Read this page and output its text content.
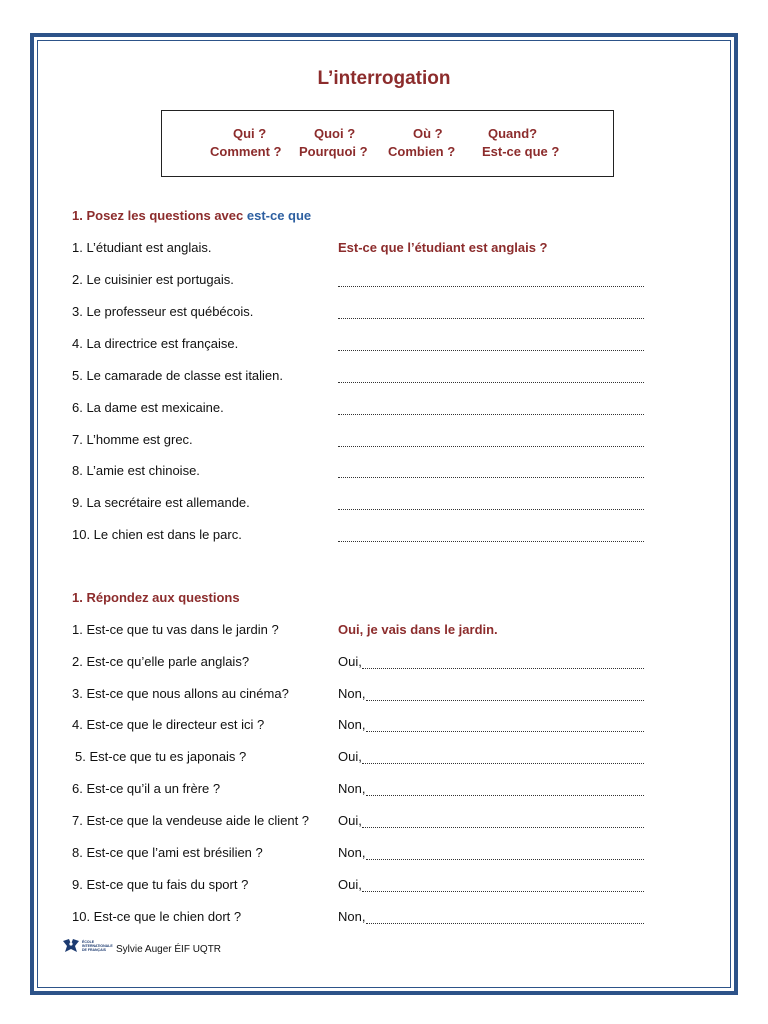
L’interrogation
Qui ?	Quoi ?	Où ?	Quand?
Comment ? Pourquoi ? Combien ? Est-ce que ?
1. Posez les questions avec est-ce que
1. L’étudiant est anglais.	Est-ce que l’étudiant est anglais ?
2. Le cuisinier est portugais.
3. Le professeur est québécois.
4. La directrice est française.
5. Le camarade de classe est italien.
6. La dame est mexicaine.
7. L’homme est grec.
8. L’amie est chinoise.
9. La secrétaire est allemande.
10. Le chien est dans le parc.
1. Répondez aux questions
1. Est-ce que tu vas dans le jardin ?	Oui, je vais dans le jardin.
2. Est-ce qu’elle parle anglais?	Oui,
3. Est-ce que nous allons au cinéma?	Non,
4. Est-ce que le directeur est ici ?	Non,
5. Est-ce que tu es japonais ?	Oui,
6. Est-ce qu’il a un frère ?	Non,
7. Est-ce que la vendeuse aide le client ? Oui,
8. Est-ce que l’ami est brésilien ?	Non,
9. Est-ce que tu fais du sport ?	Oui,
10. Est-ce que le chien dort ?	Non,
ÉCOLE INTERNATIONALE DE FRANÇAIS Sylvie Auger ÉIF UQTR
